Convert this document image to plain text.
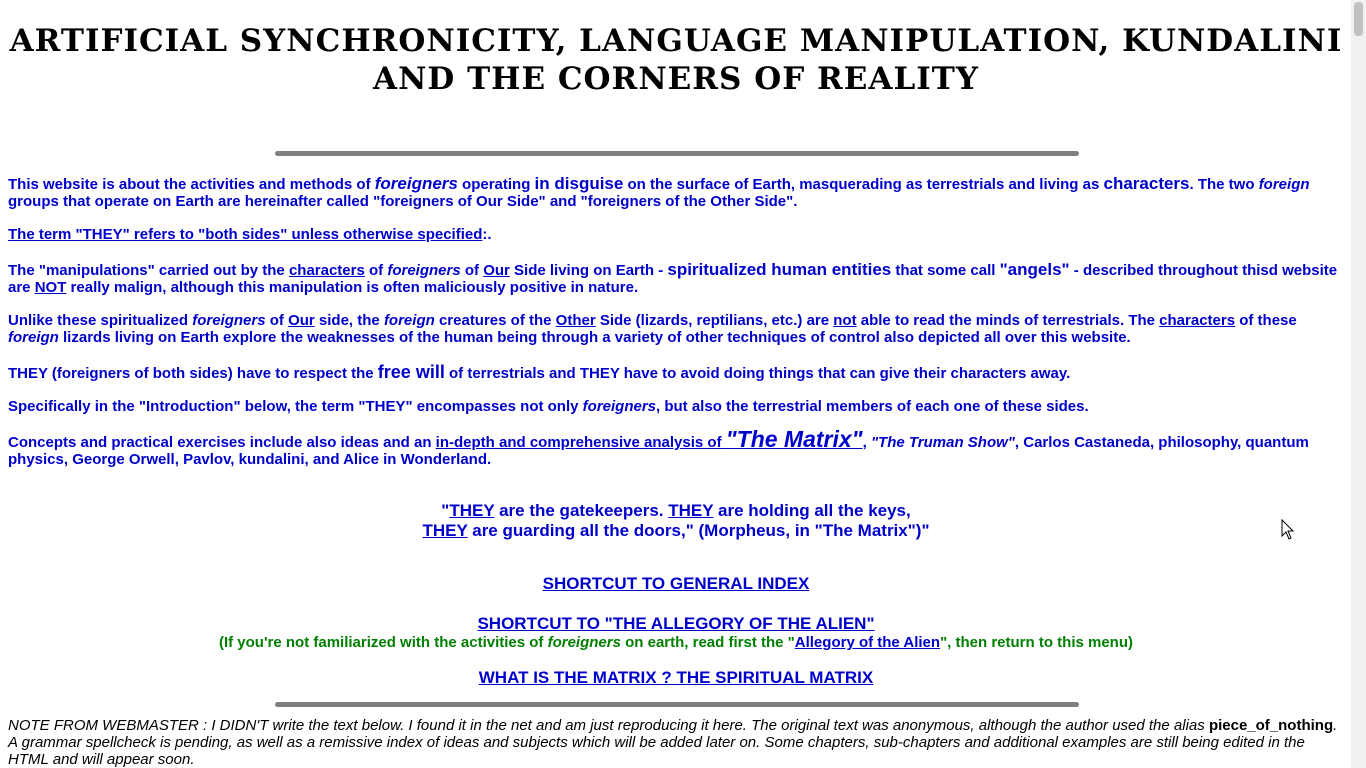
ARTIFICIAL SYNCHRONICITY, LANGUAGE MANIPULATION, KUNDALINI
AND THE CORNERS OF REALITY

This website is about the activities and methods of foreigners operating in disguise on the surface of Earth, masquerading as terrestrials and living as characters. The two foreign groups that operate on Earth are hereinafter called "foreigners of Our Side" and "foreigners of the Other Side".

The term "THEY" refers to "both sides" unless otherwise specified:.

The "manipulations" carried out by the characters of foreigners of Our Side living on Earth - spiritualized human entities that some call "angels" - described throughout thisd website are NOT really malign, although this manipulation is often maliciously positive in nature.

Unlike these spiritualized foreigners of Our side, the foreign creatures of the Other Side (lizards, reptilians, etc.) are not able to read the minds of terrestrials. The characters of these foreign lizards living on Earth explore the weaknesses of the human being through a variety of other techniques of control also depicted all over this website.

THEY (foreigners of both sides) have to respect the free will of terrestrials and THEY have to avoid doing things that can give their characters away.

Specifically in the "Introduction" below, the term "THEY" encompasses not only foreigners, but also the terrestrial members of each one of these sides.

Concepts and practical exercises include also ideas and an in-depth and comprehensive analysis of "The Matrix", "The Truman Show", Carlos Castaneda, philosophy, quantum physics, George Orwell, Pavlov, kundalini, and Alice in Wonderland.

"THEY are the gatekeepers. THEY are holding all the keys,
THEY are guarding all the doors," (Morpheus, in "The Matrix")"

SHORTCUT TO GENERAL INDEX

SHORTCUT TO "THE ALLEGORY OF THE ALIEN"

(If you're not familiarized with the activities of foreigners on earth, read first the "Allegory of the Alien", then return to this menu)

WHAT IS THE MATRIX ? THE SPIRITUAL MATRIX

NOTE FROM WEBMASTER : I DIDN'T write the text below. I found it in the net and am just reproducing it here. The original text was anonymous, although the author used the alias piece_of_nothing. A grammar spellcheck is pending, as well as a remissive index of ideas and subjects which will be added later on. Some chapters, sub-chapters and additional examples are still being edited in the HTML and will appear soon.
